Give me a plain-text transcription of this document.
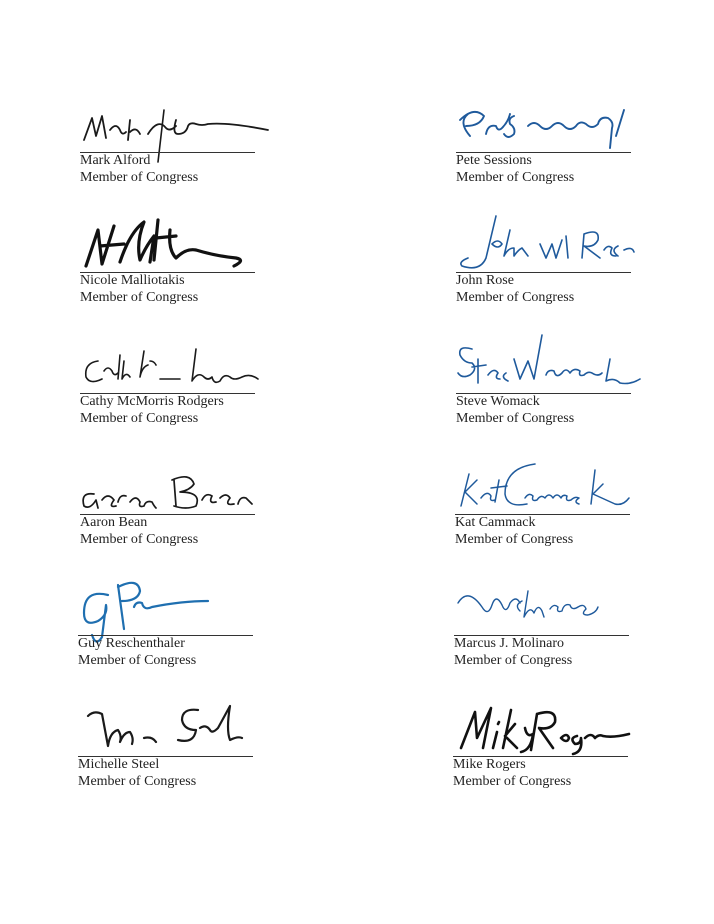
Mark Alford
Member of Congress
Nicole Malliotakis
Member of Congress
Cathy McMorris Rodgers
Member of Congress
Aaron Bean
Member of Congress
Guy Reschenthaler
Member of Congress
Michelle Steel
Member of Congress
Pete Sessions
Member of Congress
John Rose
Member of Congress
Steve Womack
Member of Congress
Kat Cammack
Member of Congress
Marcus J. Molinaro
Member of Congress
Mike Rogers
Member of Congress
